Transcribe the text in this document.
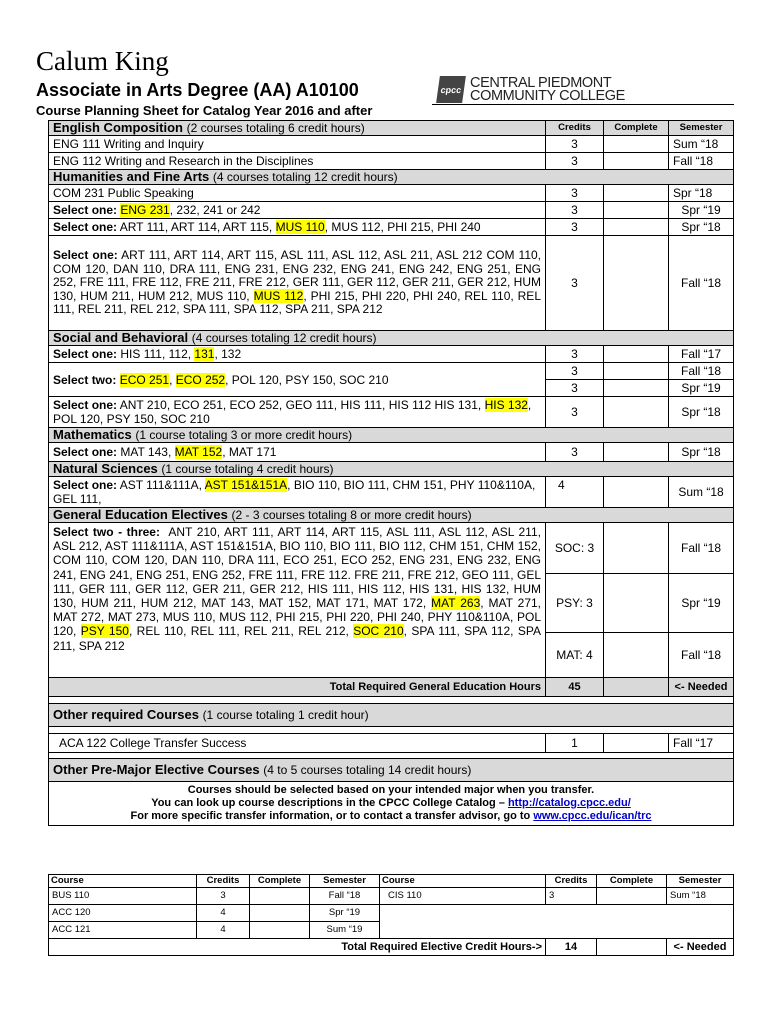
Calum King
Associate in Arts Degree (AA) A10100
Course Planning Sheet for Catalog Year 2016 and after
cpcc CENTRAL PIEDMONT
COMMUNITY COLLEGE
English Composition (2 courses totaling 6 credit hours)	Credits	Complete	Semester
ENG 111 Writing and Inquiry	3		Sum “18
ENG 112 Writing and Research in the Disciplines	3		Fall “18
Humanities and Fine Arts (4 courses totaling 12 credit hours)			
COM 231 Public Speaking	3		Spr “18
Select one: ENG 231, 232, 241 or 242	3		Spr “19
Select one: ART 111, ART 114, ART 115, MUS 110, MUS 112, PHI 215, PHI 240	3		Spr “18
Select one: ART 111, ART 114, ART 115, ASL 111, ASL 112, ASL 211, ASL 212 COM 110, COM 120, DAN 110, DRA 111, ENG 231, ENG 232, ENG 241, ENG 242, ENG 251, ENG 252, FRE 111, FRE 112, FRE 211, FRE 212, GER 111, GER 112, GER 211, GER 212, HUM 130, HUM 211, HUM 212, MUS 110, MUS 112, PHI 215, PHI 220, PHI 240, REL 110, REL 111, REL 211, REL 212, SPA 111, SPA 112, SPA 211, SPA 212	3		Fall “18
Social and Behavioral (4 courses totaling 12 credit hours)			
Select one: HIS 111, 112, 131, 132	3		Fall “17
Select two: ECO 251, ECO 252, POL 120, PSY 150, SOC 210	3		Fall “18
	3		Spr “19
Select one: ANT 210, ECO 251, ECO 252, GEO 111, HIS 111, HIS 112 HIS 131, HIS 132, POL 120, PSY 150, SOC 210	3		Spr “18
Mathematics (1 course totaling 3 or more credit hours)			
Select one: MAT 143, MAT 152, MAT 171	3		Spr “18
Natural Sciences (1 course totaling 4 credit hours)			
Select one: AST 111&111A, AST 151&151A, BIO 110, BIO 111, CHM 151, PHY 110&110A, GEL 111,	4		Sum “18
General Education Electives (2 - 3 courses totaling 8 or more credit hours)			
Select two - three: ANT 210, ART 111, ART 114, ART 115, ASL 111, ASL 112, ASL 211, ASL 212, AST 111&111A, AST 151&151A, BIO 110, BIO 111, BIO 112, CHM 151, CHM 152, COM 110, COM 120, DAN 110, DRA 111, ECO 251, ECO 252, ENG 231, ENG 232, ENG 241, ENG 241, ENG 251, ENG 252, FRE 111, FRE 112. FRE 211, FRE 212, GEO 111, GEL 111, GER 111, GER 112, GER 211, GER 212, HIS 111, HIS 112, HIS 131, HIS 132, HUM 130, HUM 211, HUM 212, MAT 143, MAT 152, MAT 171, MAT 172, MAT 263, MAT 271, MAT 272, MAT 273, MUS 110, MUS 112, PHI 215, PHI 220, PHI 240, PHY 110&110A, POL 120, PSY 150, REL 110, REL 111, REL 211, REL 212, SOC 210, SPA 111, SPA 112, SPA 211, SPA 212	SOC: 3		Fall “18
	PSY: 3		Spr “19
	MAT: 4		Fall “18
Total Required General Education Hours	45		<- Needed

Other required Courses (1 course totaling 1 credit hour)			

ACA 122 College Transfer Success	1		Fall “17

Other Pre-Major Elective Courses (4 to 5 courses totaling 14 credit hours)			

Courses should be selected based on your intended major when you transfer.
You can look up course descriptions in the CPCC College Catalog – http://catalog.cpcc.edu/
For more specific transfer information, or to contact a transfer advisor, go to www.cpcc.edu/ican/trc			
Course	Credits	Complete	Semester	Course	Credits	Complete	Semester
BUS 110	3		Fall “18	CIS 110	3		Sum “18
ACC 120	4		Spr “19				
ACC 121	4		Sum “19				
Total Required Elective Credit Hours->					14		<- Needed
